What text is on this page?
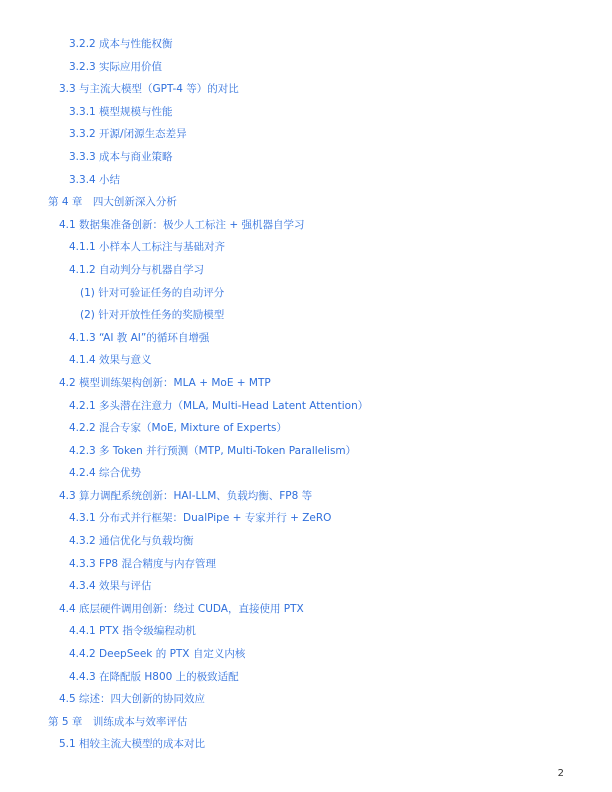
3.2.2 成本与性能权衡
3.2.3 实际应用价值
3.3 与主流大模型（GPT-4 等）的对比
3.3.1 模型规模与性能
3.3.2 开源/闭源生态差异
3.3.3 成本与商业策略
3.3.4 小结
第 4 章　四大创新深入分析
4.1 数据集准备创新：极少人工标注 + 强机器自学习
4.1.1 小样本人工标注与基础对齐
4.1.2 自动判分与机器自学习
(1) 针对可验证任务的自动评分
(2) 针对开放性任务的奖励模型
4.1.3 “AI 教 AI”的循环自增强
4.1.4 效果与意义
4.2 模型训练架构创新：MLA + MoE + MTP
4.2.1 多头潜在注意力（MLA, Multi-Head Latent Attention）
4.2.2 混合专家（MoE, Mixture of Experts）
4.2.3 多 Token 并行预测（MTP, Multi-Token Parallelism）
4.2.4 综合优势
4.3 算力调配系统创新：HAI-LLM、负载均衡、FP8 等
4.3.1 分布式并行框架：DualPipe + 专家并行 + ZeRO
4.3.2 通信优化与负载均衡
4.3.3 FP8 混合精度与内存管理
4.3.4 效果与评估
4.4 底层硬件调用创新：绕过 CUDA，直接使用 PTX
4.4.1 PTX 指令级编程动机
4.4.2 DeepSeek 的 PTX 自定义内核
4.4.3 在降配版 H800 上的极致适配
4.5 综述：四大创新的协同效应
第 5 章　训练成本与效率评估
5.1 相较主流大模型的成本对比
2
